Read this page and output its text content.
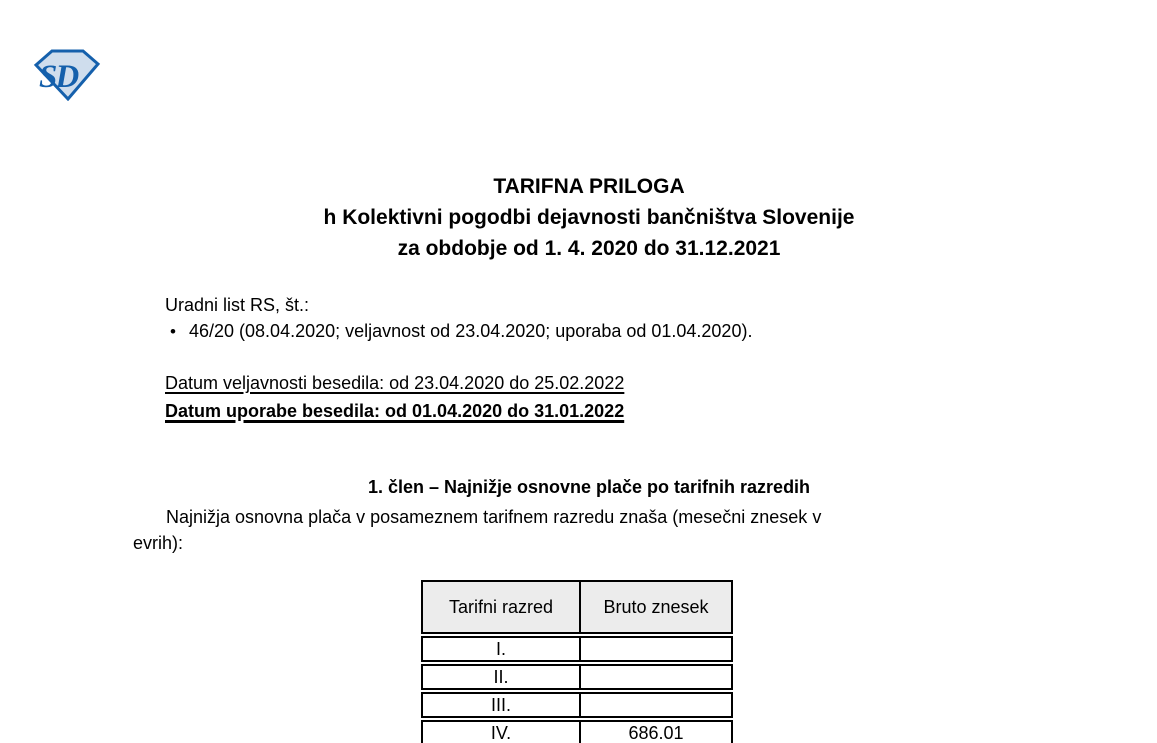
SD
TARIFNA PRILOGA
h Kolektivni pogodbi dejavnosti bančništva Slovenije
za obdobje od 1. 4. 2020 do 31.12.2021
Uradni list RS, št.:
• 46/20 (08.04.2020; veljavnost od 23.04.2020; uporaba od 01.04.2020).
Datum veljavnosti besedila: od 23.04.2020 do 25.02.2022
Datum uporabe besedila: od 01.04.2020 do 31.01.2022
1. člen – Najnižje osnovne plače po tarifnih razredih
Najnižja osnovna plača v posameznem tarifnem razredu znaša (mesečni znesek v
evrih):
Tarifni razred	Bruto znesek
I.	
II.	
III.	
IV.	686.01
